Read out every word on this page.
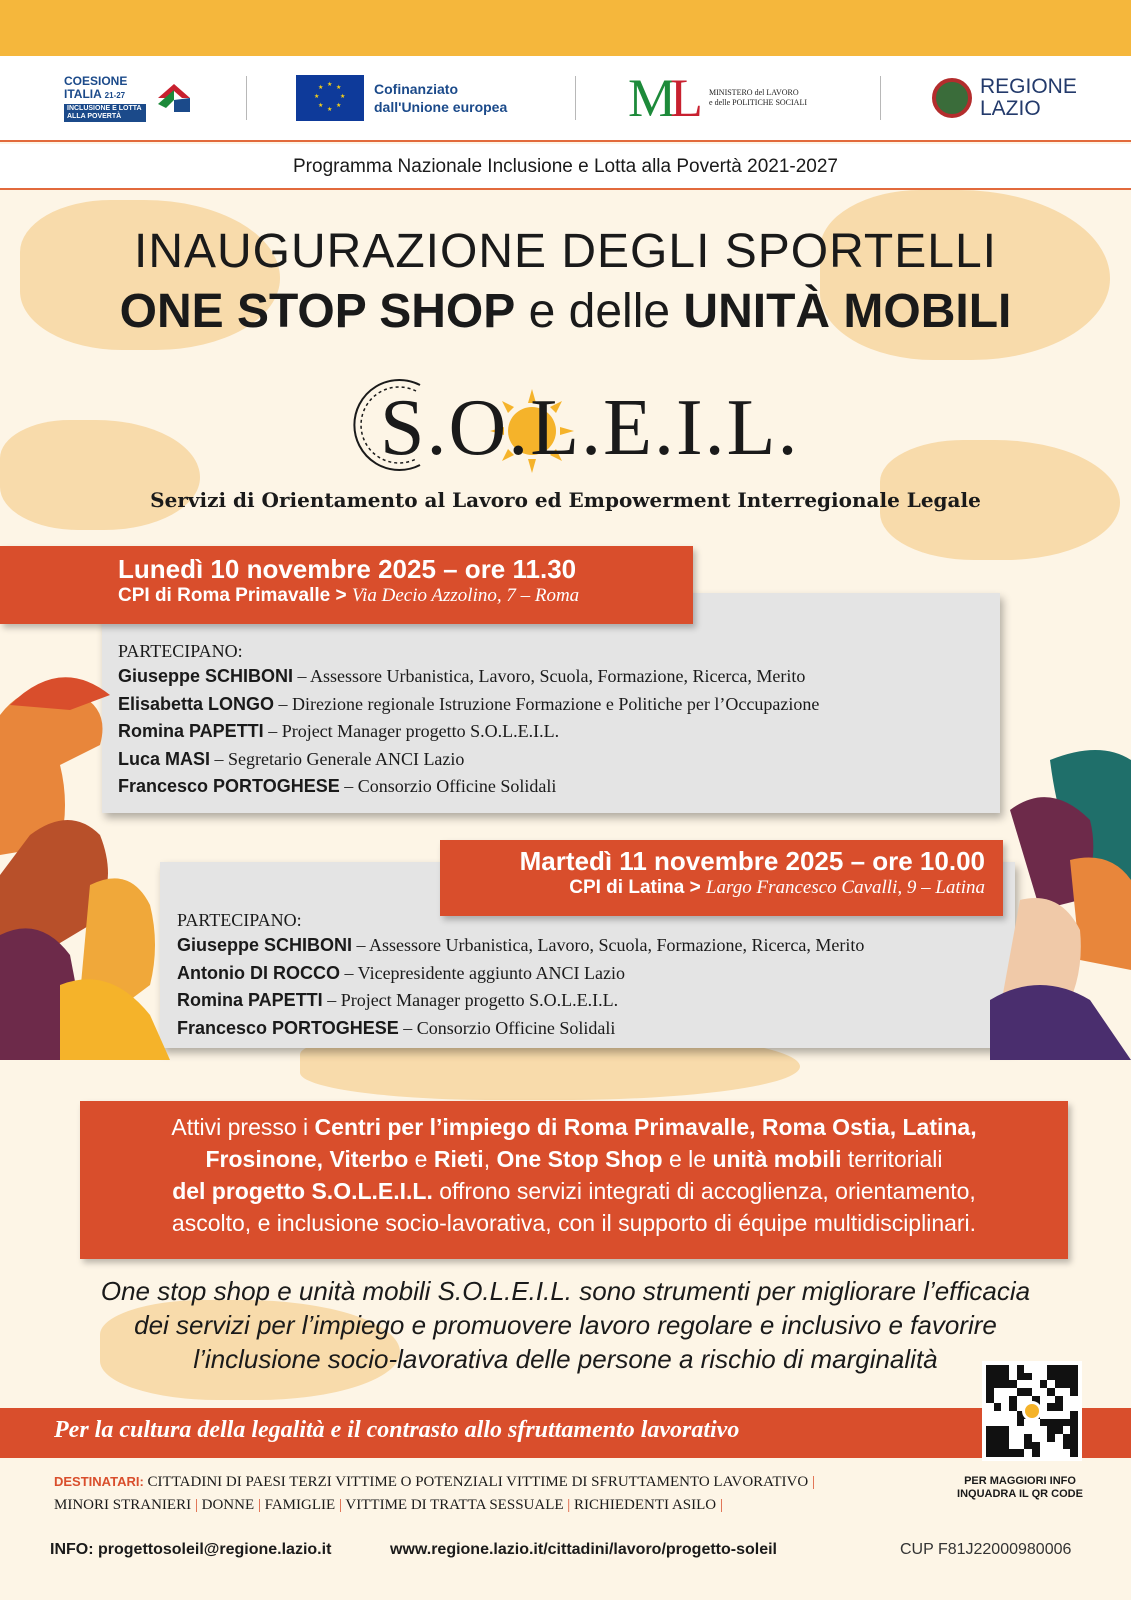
COESIONE
ITALIA 21-27
INCLUSIONE E LOTTA ALLA POVERTÀ
★ ★
★
★
★
★
★
★	Cofinanziato
dall'Unione europea ML MINISTERO del LAVORO
e delle POLITICHE SOCIALI
REGIONE
LAZIO
Programma Nazionale Inclusione e Lotta alla Povertà 2021-2027
INAUGURAZIONE DEGLI SPORTELLI
ONE STOP SHOP e delle UNITÀ MOBILI
S.O.L.E.I.L.
Servizi di Orientamento al Lavoro ed Empowerment Interregionale Legale
PARTECIPANO:
Giuseppe SCHIBONI – Assessore Urbanistica, Lavoro, Scuola, Formazione, Ricerca, Merito
Elisabetta LONGO – Direzione regionale Istruzione Formazione e Politiche per l’Occupazione
Romina PAPETTI – Project Manager progetto S.O.L.E.I.L.
Luca MASI – Segretario Generale ANCI Lazio
Francesco PORTOGHESE – Consorzio Officine Solidali
Lunedì 10 novembre 2025 – ore 11.30
CPI di Roma Primavalle > Via Decio Azzolino, 7 – Roma
PARTECIPANO:
Giuseppe SCHIBONI – Assessore Urbanistica, Lavoro, Scuola, Formazione, Ricerca, Merito
Antonio DI ROCCO – Vicepresidente aggiunto ANCI Lazio
Romina PAPETTI – Project Manager progetto S.O.L.E.I.L.
Francesco PORTOGHESE – Consorzio Officine Solidali
Martedì 11 novembre 2025 – ore 10.00
CPI di Latina > Largo Francesco Cavalli, 9 – Latina
Attivi presso i Centri per l’impiego di Roma Primavalle, Roma Ostia, Latina,
Frosinone, Viterbo e Rieti, One Stop Shop e le unità mobili territoriali
del progetto S.O.L.E.I.L. offrono servizi integrati di accoglienza, orientamento,
ascolto, e inclusione socio-lavorativa, con il supporto di équipe multidisciplinari.
One stop shop e unità mobili S.O.L.E.I.L. sono strumenti per migliorare l’efficacia
dei servizi per l’impiego e promuovere lavoro regolare e inclusivo e favorire
l’inclusione socio-lavorativa delle persone a rischio di marginalità
Per la cultura della legalità e il contrasto allo sfruttamento lavorativo
DESTINATARI: CITTADINI DI PAESI TERZI VITTIME O POTENZIALI VITTIME DI SFRUTTAMENTO LAVORATIVO |
MINORI STRANIERI | DONNE | FAMIGLIE | VITTIME DI TRATTA SESSUALE | RICHIEDENTI ASILO |
PER MAGGIORI INFO
INQUADRA IL QR CODE
INFO: progettosoleil@regione.lazio.it	www.regione.lazio.it/cittadini/lavoro/progetto-soleil	CUP F81J22000980006
